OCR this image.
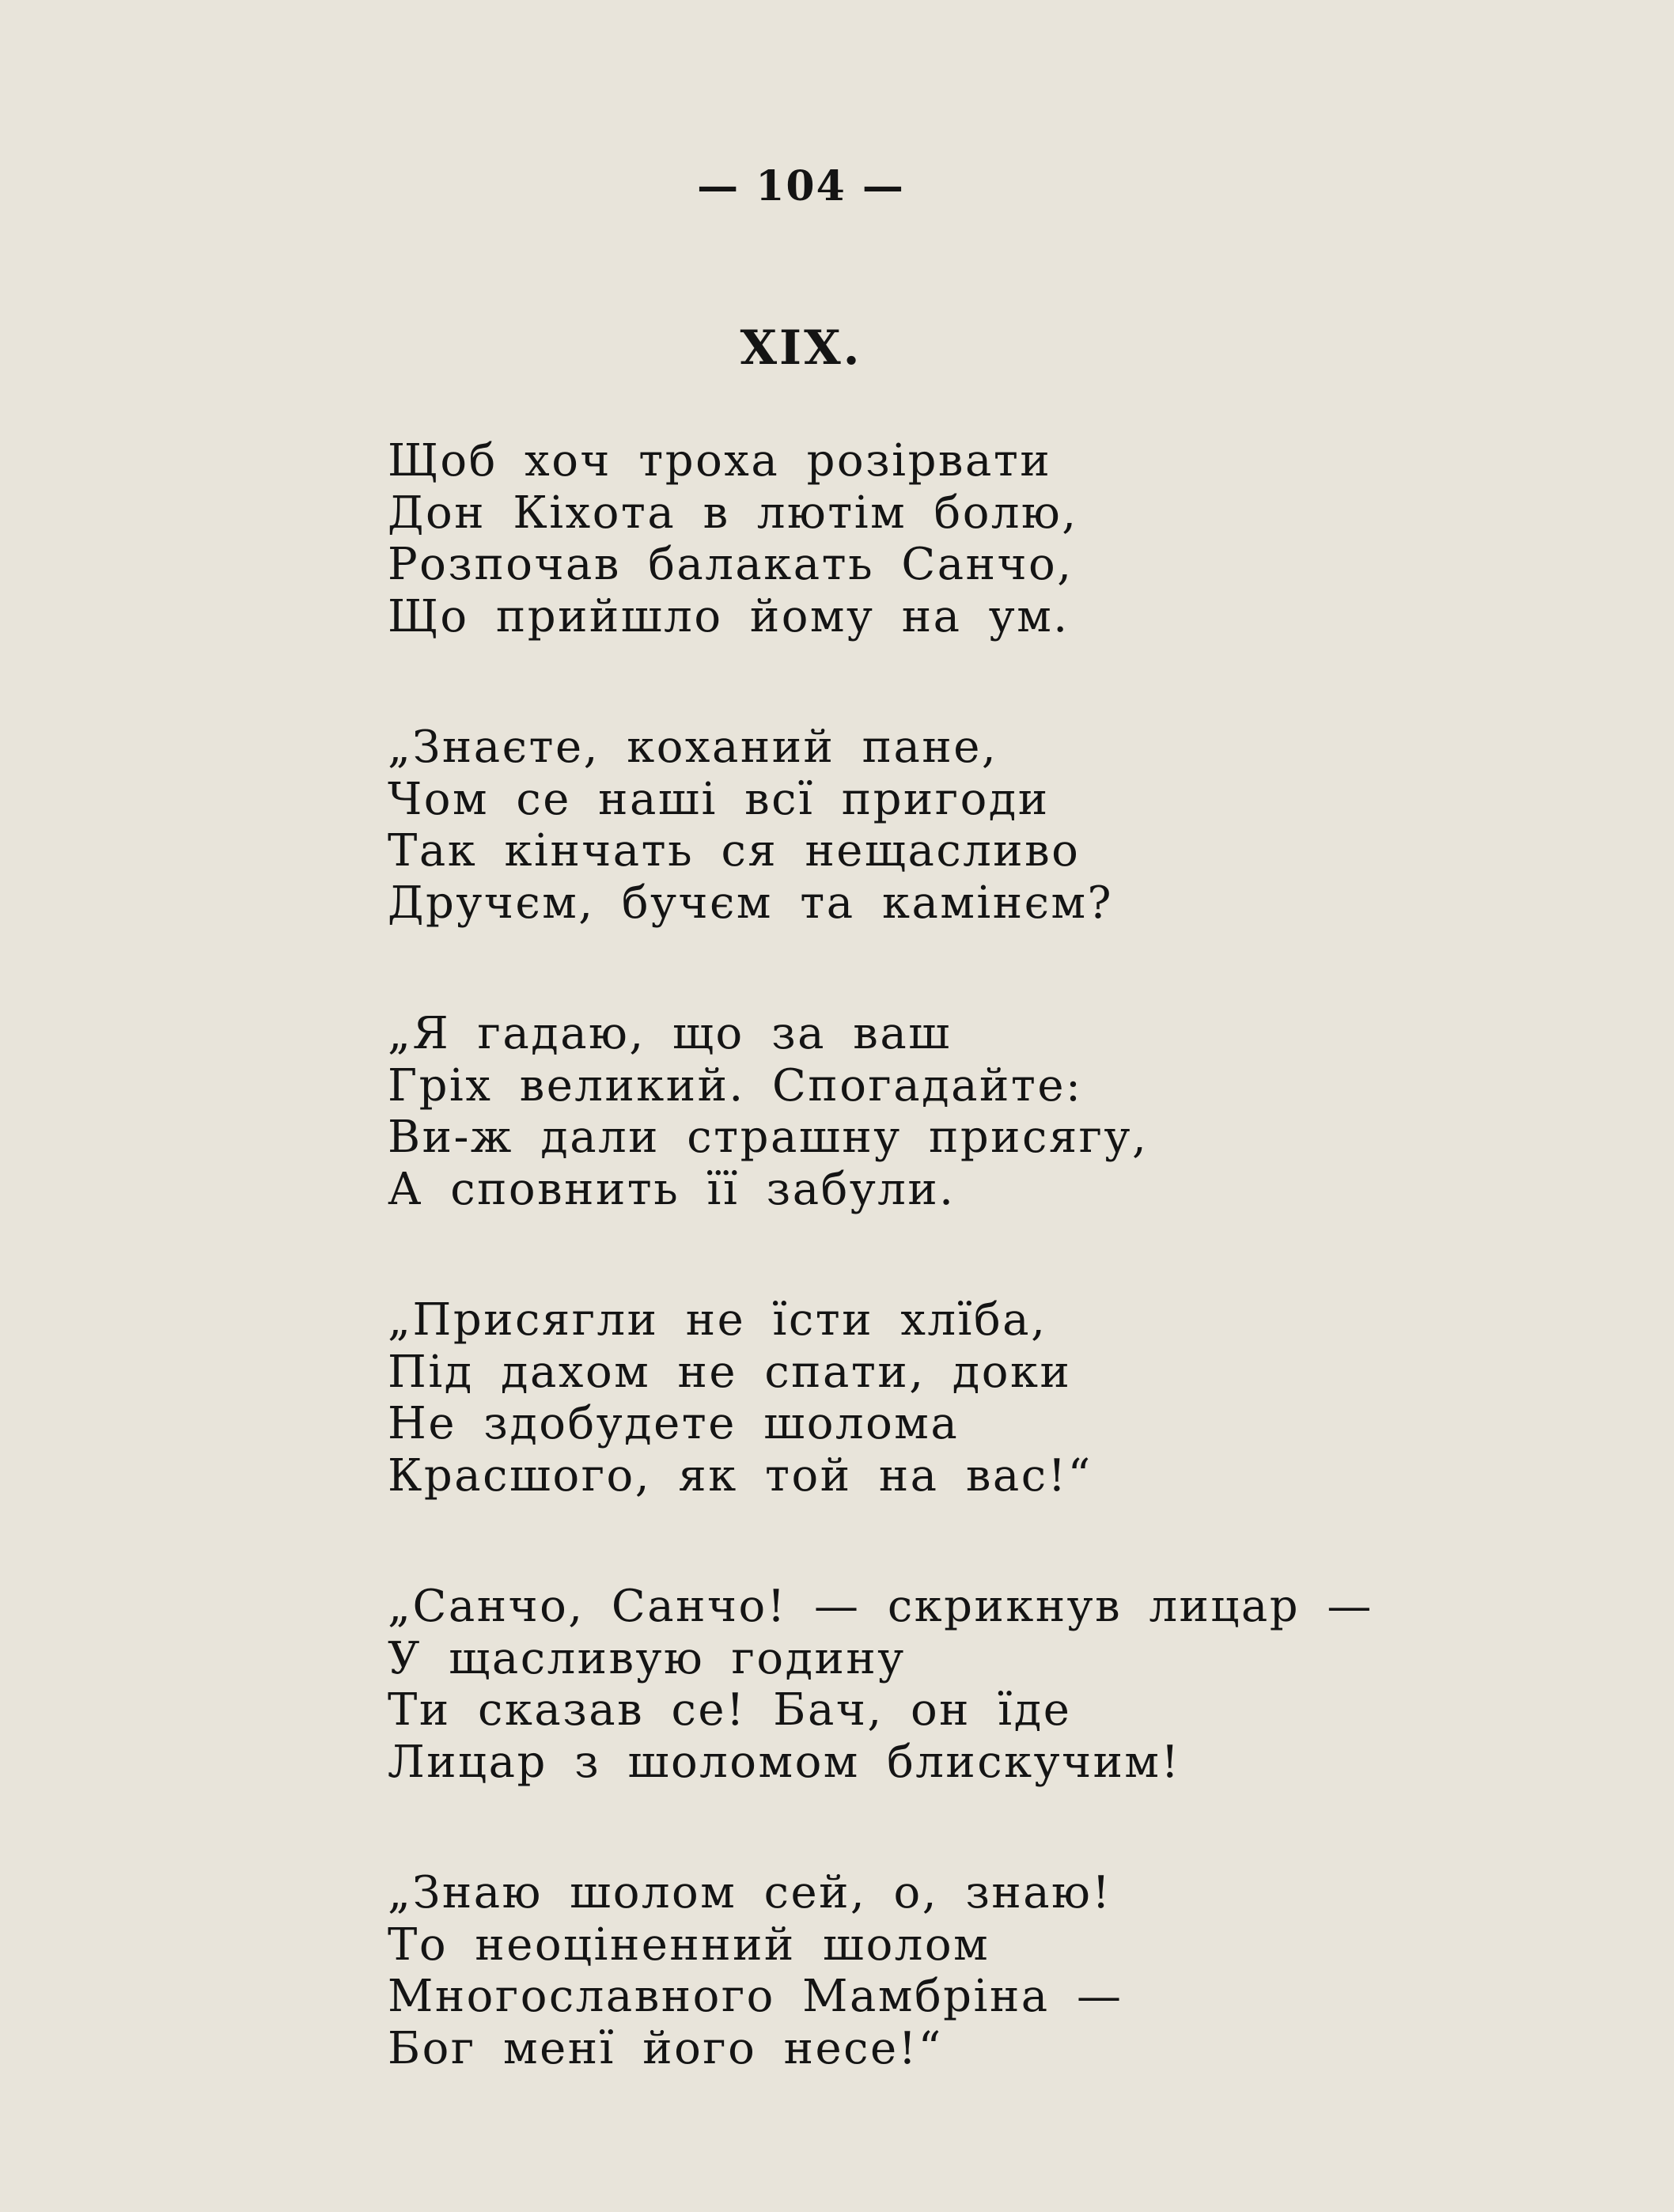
— 104 —
XIX.
Щоб хоч троха розірвати
Дон Кіхота в лютім болю,
Розпочав балакать Санчо,
Що прийшло йому на ум.
„Знаєте, коханий пане,
Чом се наші всї пригоди
Так кінчать ся нещасливо
Дручєм, бучєм та камінєм?
„Я гадаю, що за ваш
Гріх великий. Спогадайте:
Ви-ж дали страшну присягу,
А сповнить її забули.
„Присягли не їсти хлїба,
Під дахом не спати, доки
Не здобудете шолома
Красшого, як той на вас!“
„Санчо, Санчо! — скрикнув лицар —
У щасливую годину
Ти сказав се! Бач, он їде
Лицар з шоломом блискучим!
„Знаю шолом сей, о, знаю!
То неоціненний шолом
Многославного Мамбріна —
Бог менї його несе!“
